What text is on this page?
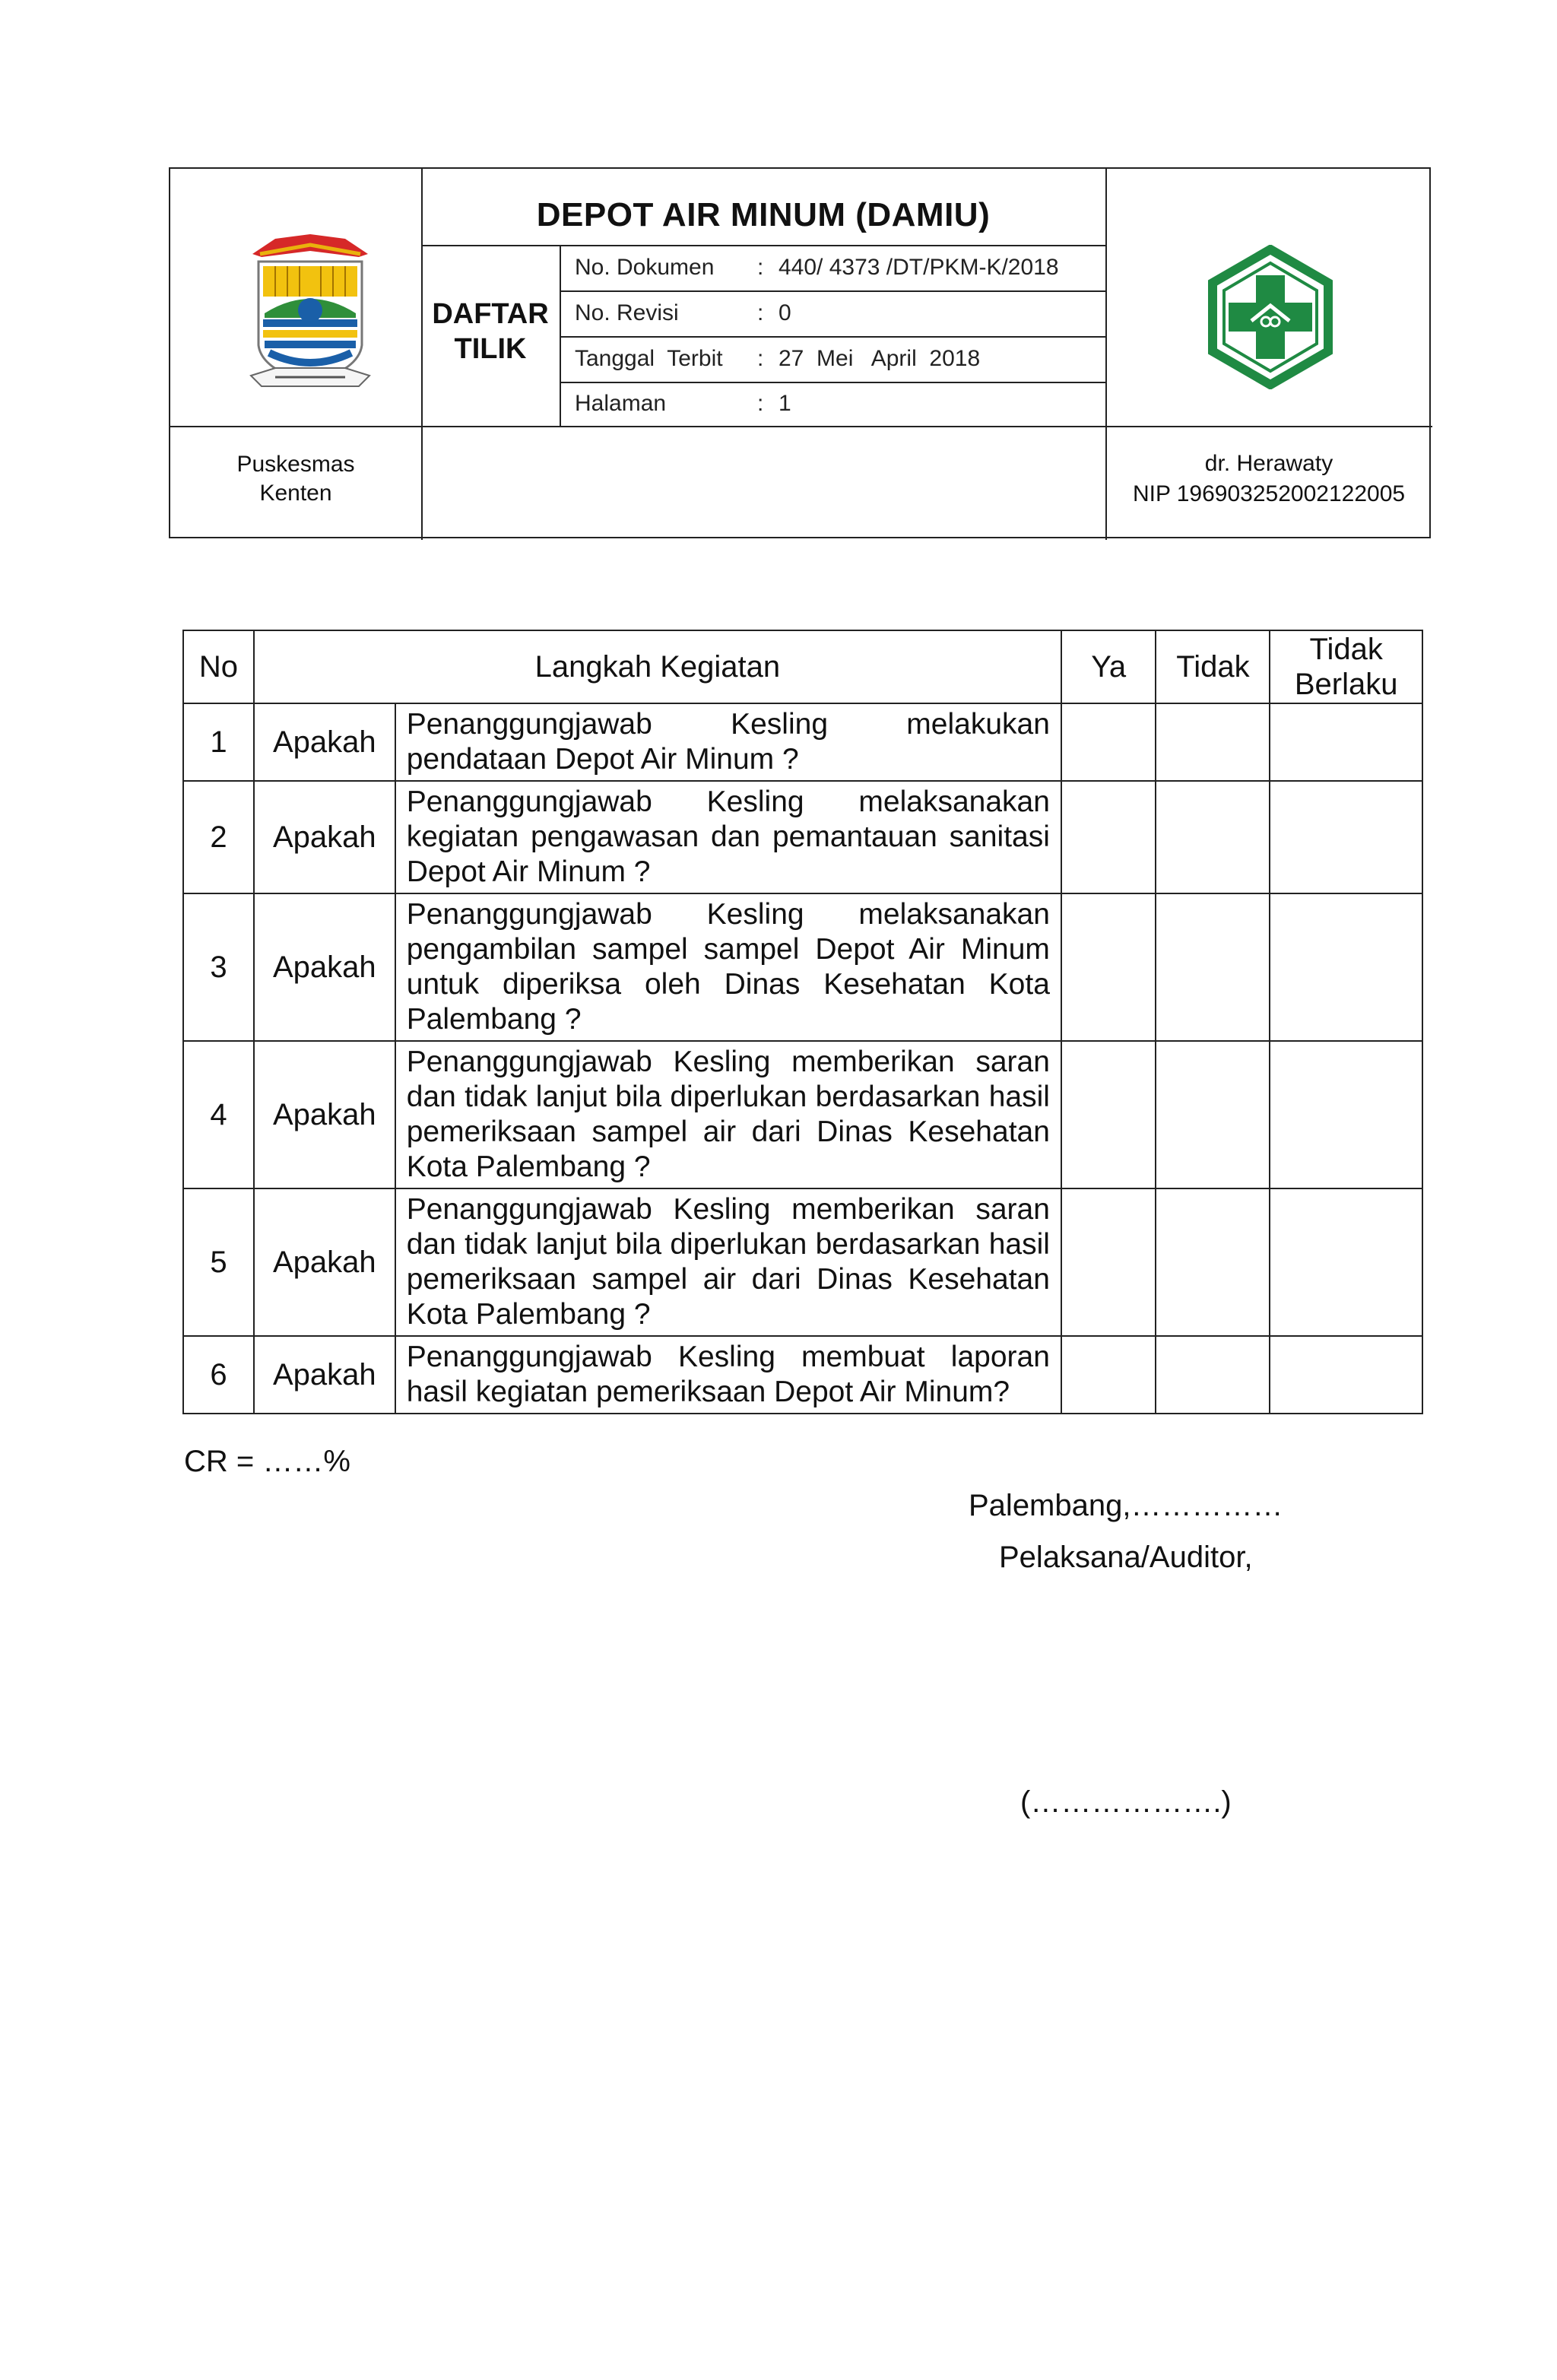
DEPOT AIR MINUM (DAMIU)
DAFTAR TILIK
No. Dokumen : 440/ 4373 /DT/PKM-K/2018
No. Revisi	: 0
Tanggal  Terbit : 27  Mei   April  2018
Halaman	: 1
Puskesmas
Kenten
dr. Herawaty
NIP 196903252002122005
No	Langkah Kegiatan		Ya	Tidak	Tidak Berlaku
1	Apakah	Penanggungjawab Kesling melakukan pendataan Depot Air Minum ?			
2	Apakah	Penanggungjawab Kesling melaksanakan kegiatan pengawasan dan pemantauan sanitasi Depot Air Minum ?			
3	Apakah	Penanggungjawab Kesling melaksanakan pengambilan sampel sampel Depot Air Minum untuk diperiksa oleh Dinas Kesehatan Kota Palembang ?			
4	Apakah	Penanggungjawab Kesling memberikan saran dan tidak lanjut bila diperlukan berdasarkan hasil pemeriksaan sampel air dari Dinas Kesehatan Kota Palembang ?			
5	Apakah	Penanggungjawab Kesling memberikan saran dan tidak lanjut bila diperlukan berdasarkan hasil pemeriksaan sampel air dari Dinas Kesehatan Kota Palembang ?			
6	Apakah	Penanggungjawab Kesling membuat laporan hasil kegiatan pemeriksaan Depot Air Minum?			
CR = ……%
Palembang,……………
Pelaksana/Auditor,
(……………….)
